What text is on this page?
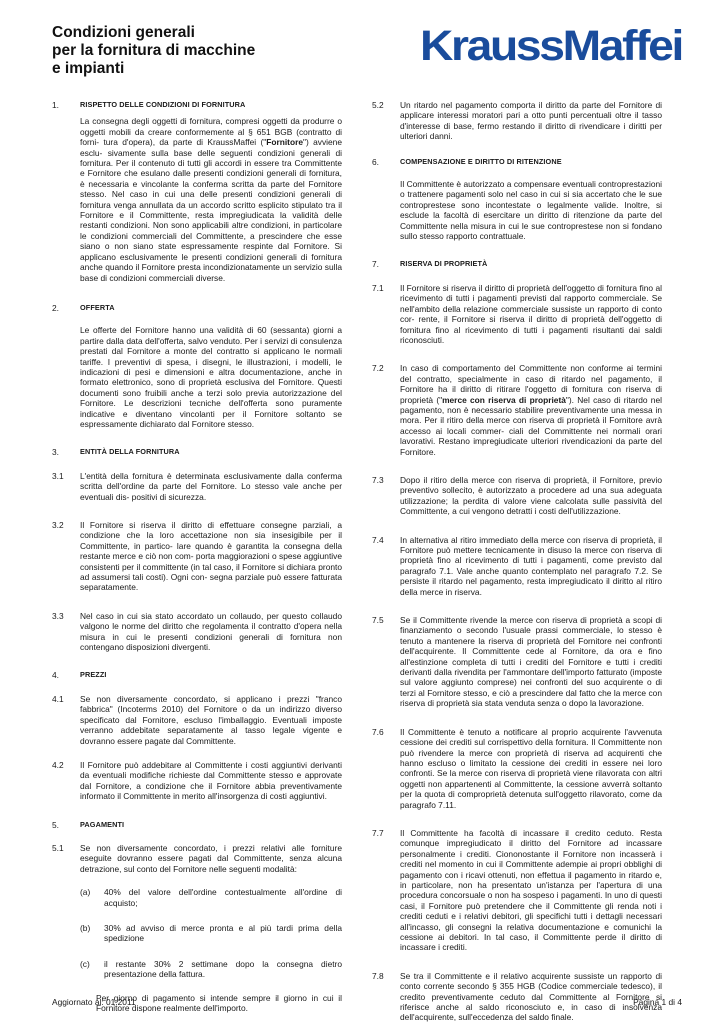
Condizioni generali
per la fornitura di macchine
e impianti	KraussMaffei
1.	RISPETTO DELLE CONDIZIONI DI FORNITURA
La consegna degli oggetti di fornitura, compresi oggetti da produrre o oggetti mobili da creare conformemente al § 651 BGB (contratto di forni- tura d'opera), da parte di KraussMaffei ("Fornitore") avviene esclu- sivamente sulla base delle seguenti condizioni generali di fornitura. Per il contenuto di tutti gli accordi in essere tra Committente e Fornitore che esulano dalle presenti condizioni generali di fornitura, è necessaria e vincolante la conferma scritta da parte del Fornitore stesso. Nel caso in cui una delle presenti condizioni generali di fornitura venga annullata da un accordo scritto esplicito stipulato tra il Fornitore e il Committente, resta impregiudicata la validità delle restanti condizioni. Non sono applicabili altre condizioni, in particolare le condizioni commerciali del Committente, a prescindere che esse siano o non siano state espressamente respinte dal Fornitore. Si applicano esclusivamente le presenti condizioni generali di fornitura anche quando il Fornitore presta incondizionatamente un servizio sulla base di condizioni commerciali diverse.
2.	OFFERTA
Le offerte del Fornitore hanno una validità di 60 (sessanta) giorni a partire dalla data dell'offerta, salvo venduto. Per i servizi di consulenza prestati dal Fornitore a monte del contratto si applicano le normali tariffe. I preventivi di spesa, i disegni, le illustrazioni, i modelli, le indicazioni di pesi e dimensioni e altra documentazione, anche in formato elettronico, sono di proprietà esclusiva del Fornitore. Questi documenti sono fruibili anche a terzi solo previa autorizzazione del Fornitore. Le descrizioni tecniche dell'offerta sono puramente indicative e diventano vincolanti per il Fornitore soltanto se espressamente dichiarato dal Fornitore stesso.
3.	ENTITÀ DELLA FORNITURA
3.1 L'entità della fornitura è determinata esclusivamente dalla conferma scritta dell'ordine da parte del Fornitore. Lo stesso vale anche per eventuali dis- positivi di sicurezza.
3.2 Il Fornitore si riserva il diritto di effettuare consegne parziali, a condizione che la loro accettazione non sia insesigibile per il Committente, in partico- lare quando è garantita la consegna della restante merce e ciò non com- porta maggiorazioni o spese aggiuntive consistenti per il committente (in tal caso, il Fornitore si dichiara pronto ad assumersi tali costi). Ogni con- segna parziale può essere fatturata separatamente.
3.3 Nel caso in cui sia stato accordato un collaudo, per questo collaudo valgono le norme del diritto che regolamenta il contratto d'opera nella misura in cui le presenti condizioni generali di fornitura non contengano disposizioni divergenti.
4.	PREZZI
4.1 Se non diversamente concordato, si applicano i prezzi "franco fabbrica" (Incoterms 2010) del Fornitore o da un indirizzo diverso specificato dal Fornitore, escluso l'imballaggio. Eventuali imposte verranno addebitate separatamente al tasso legale vigente e dovranno essere pagate dal Committente.
4.2 Il Fornitore può addebitare al Committente i costi aggiuntivi derivanti da eventuali modifiche richieste dal Committente stesso e approvate dal Fornitore, a condizione che il Fornitore abbia preventivamente informato il Committente in merito all'insorgenza di costi aggiuntivi.
5.	PAGAMENTI
5.1 Se non diversamente concordato, i prezzi relativi alle forniture eseguite dovranno essere pagati dal Committente, senza alcuna detrazione, sul conto del Fornitore nelle seguenti modalità:
(a) 40% del valore dell'ordine contestualmente all'ordine di acquisto;
(b) 30% ad avviso di merce pronta e al più tardi prima della spedizione
(c) il restante 30% 2 settimane dopo la consegna dietro presentazione della fattura.
Per giorno di pagamento si intende sempre il giorno in cui il Fornitore dispone realmente dell'importo.
5.2 Un ritardo nel pagamento comporta il diritto da parte del Fornitore di applicare interessi moratori pari a otto punti percentuali oltre il tasso d'interesse di base, fermo restando il diritto di rivendicare i diritti per ulteriori danni.
6.	COMPENSAZIONE E DIRITTO DI RITENZIONE
Il Committente è autorizzato a compensare eventuali controprestazioni o trattenere pagamenti solo nel caso in cui si sia accertato che le sue controprestese sono incontestate o legalmente valide. Inoltre, si esclude la facoltà di esercitare un diritto di ritenzione da parte del Committente nella misura in cui le sue controprestese non si fondano sullo stesso rapporto contrattuale.
7.	RISERVA DI PROPRIETÀ
7.1 Il Fornitore si riserva il diritto di proprietà dell'oggetto di fornitura fino al ricevimento di tutti i pagamenti previsti dal rapporto commerciale. Se nell'ambito della relazione commerciale sussiste un rapporto di conto cor- rente, il Fornitore si riserva il diritto di proprietà dell'oggetto di fornitura fino al ricevimento di tutti i pagamenti risultanti dai saldi riconosciuti.
7.2 In caso di comportamento del Committente non conforme ai termini del contratto, specialmente in caso di ritardo nel pagamento, il Fornitore ha il diritto di ritirare l'oggetto di fornitura con riserva di proprietà ("merce con riserva di proprietà"). Nel caso di ritardo nel pagamento, non è necessario stabilire preventivamente una messa in mora. Per il ritiro della merce con riserva di proprietà il Fornitore avrà accesso ai locali commer- ciali del Committente nei normali orari lavorativi. Restano impregiudicate ulteriori rivendicazioni da parte del Fornitore.
7.3 Dopo il ritiro della merce con riserva di proprietà, il Fornitore, previo preventivo sollecito, è autorizzato a procedere ad una sua adeguata utilizzazione; la perdita di valore viene calcolata sulle passività del Committente, a cui vengono detratti i costi dell'utilizzazione.
7.4 In alternativa al ritiro immediato della merce con riserva di proprietà, il Fornitore può mettere tecnicamente in disuso la merce con riserva di proprietà fino al ricevimento di tutti i pagamenti, come previsto dal paragrafo 7.1. Vale anche quanto contemplato nel paragrafo 7.2. Se persiste il ritardo nel pagamento, resta impregiudicato il diritto al ritiro della merce in riserva.
7.5 Se il Committente rivende la merce con riserva di proprietà a scopi di finanziamento o secondo l'usuale prassi commerciale, lo stesso è tenuto a mantenere la riserva di proprietà del Fornitore nei confronti dell'acquirente. Il Committente cede al Fornitore, da ora e fino all'estinzione completa di tutti i crediti del Fornitore e tutti i crediti derivanti dalla rivendita per l'ammontare dell'importo fatturato (imposte sul valore aggiunto comprese) nei confronti del suo acquirente o di terzi al Fornitore stesso, e ciò a prescindere dal fatto che la merce con riserva di proprietà sia stata venduta senza o dopo la lavorazione.
7.6 Il Committente è tenuto a notificare al proprio acquirente l'avvenuta cessione dei crediti sul corrispettivo della fornitura. Il Committente non può rivendere la merce con proprietà di riserva ad acquirenti che hanno escluso o limitato la cessione dei crediti in essere nei loro confronti. Se la merce con riserva di proprietà viene rilavorata con altri oggetti non appartenenti al Committente, la cessione avverrà soltanto per la quota di comproprietà detenuta sull'oggetto rilavorato, come da paragrafo 7.11.
7.7 Il Committente ha facoltà di incassare il credito ceduto. Resta comunque impregiudicato il diritto del Fornitore ad incassare personalmente i crediti. Ciononostante il Fornitore non incasserà i crediti nel momento in cui il Committente adempie ai propri obblighi di pagamento con i ricavi ottenuti, non effettua il pagamento in ritardo e, in particolare, non ha presentato un'istanza per l'apertura di una procedura concorsuale o non ha sospeso i pagamenti. In uno di questi casi, il Fornitore può pretendere che il Committente gli renda noti i crediti ceduti e i relativi debitori, gli specifichi tutti i dettagli necessari all'incasso, gli consegni la relativa documentazione e comunichi la cessione ai debitori. In tal caso, il Committente perde il diritto di incassare i crediti.
7.8 Se tra il Committente e il relativo acquirente sussiste un rapporto di conto corrente secondo § 355 HGB (Codice commerciale tedesco), il credito preventivamente ceduto dal Committente al Fornitore si riferisce anche al saldo riconosciuto e, in caso di insolvenza dell'acquirente, sull'eccedenza del saldo finale.
Aggiornato al: 01.2011	Pagina 1 di 4
